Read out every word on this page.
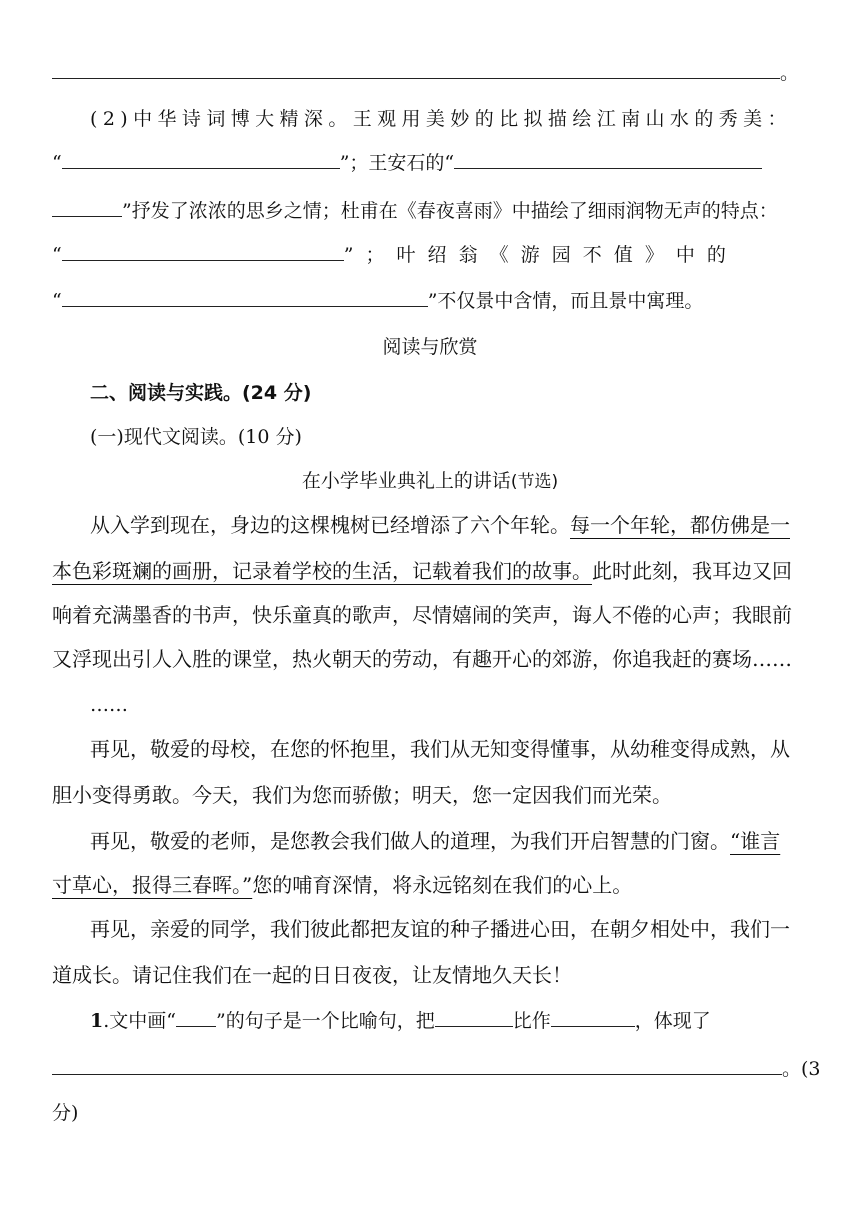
。
(2)中华诗词博大精深。王观用美妙的比拟描绘江南山水的秀美：
“	”；王安石的“
”抒发了浓浓的思乡之情；杜甫在《春夜喜雨》中描绘了细雨润物无声的特点：
“	” ； 叶 绍 翁 《 游 园 不 值 》 中 的
“	”不仅景中含情，而且景中寓理。
阅读与欣赏
二、阅读与实践。(24 分)
(一)现代文阅读。(10 分)
在小学毕业典礼上的讲话(节选)
从入学到现在，身边的这棵槐树已经增添了六个年轮。每一个年轮，都仿佛是一
本色彩斑斓的画册，记录着学校的生活，记载着我们的故事。此时此刻，我耳边又回
响着充满墨香的书声，快乐童真的歌声，尽情嬉闹的笑声，诲人不倦的心声；我眼前
又浮现出引人入胜的课堂，热火朝天的劳动，有趣开心的郊游，你追我赶的赛场……
……
再见，敬爱的母校，在您的怀抱里，我们从无知变得懂事，从幼稚变得成熟，从
胆小变得勇敢。今天，我们为您而骄傲；明天，您一定因我们而光荣。
再见，敬爱的老师，是您教会我们做人的道理，为我们开启智慧的门窗。“谁言
寸草心，报得三春晖。”您的哺育深情，将永远铭刻在我们的心上。
再见，亲爱的同学，我们彼此都把友谊的种子播进心田，在朝夕相处中，我们一
道成长。请记住我们在一起的日日夜夜，让友情地久天长！
1.文中画“ ”的句子是一个比喻句，把	比作	，体现了
。(3
分)
